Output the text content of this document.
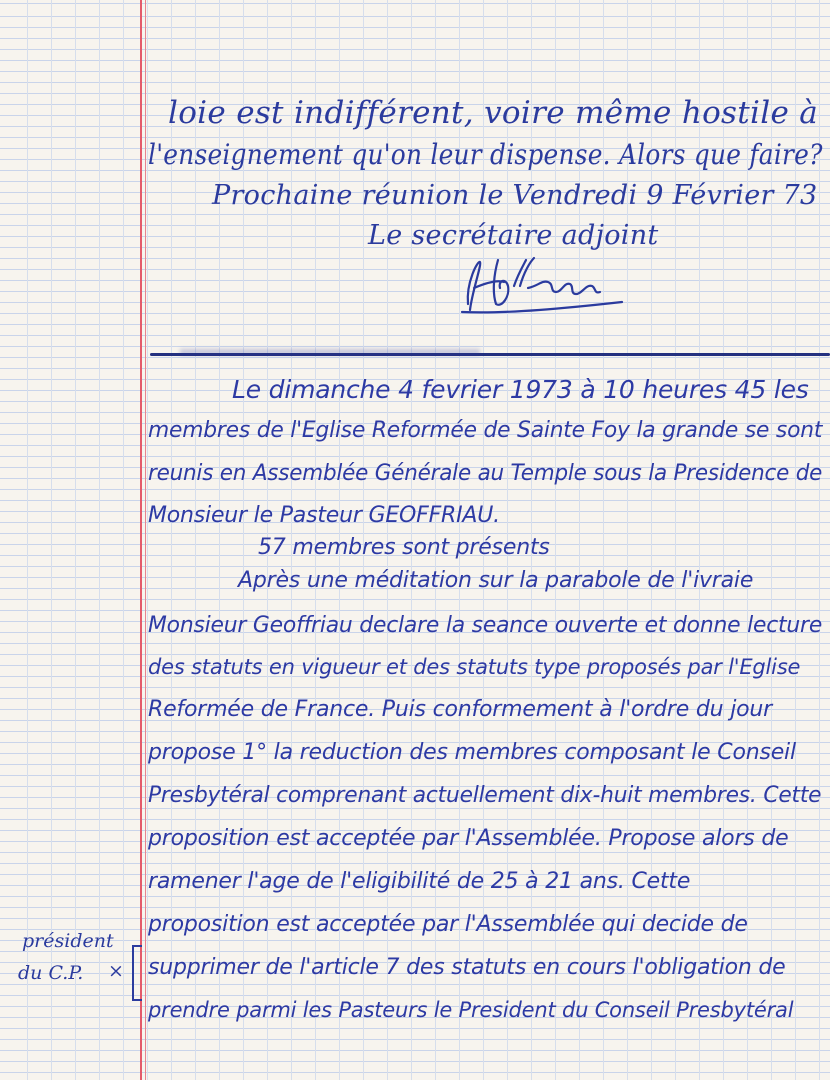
loie est indifférent, voire même hostile à
l'enseignement qu'on leur dispense. Alors que faire?
Prochaine réunion le Vendredi 9 Février 73
Le secrétaire adjoint
Le dimanche 4 fevrier 1973 à 10 heures 45 les
membres de l'Eglise Reformée de Sainte Foy la grande se sont
reunis en Assemblée Générale au Temple sous la Presidence de
Monsieur le Pasteur GEOFFRIAU.
57 membres sont présents
Après une méditation sur la parabole de l'ivraie
Monsieur Geoffriau declare la seance ouverte et donne lecture
des statuts en vigueur et des statuts type proposés par l'Eglise
Reformée de France. Puis conformement à l'ordre du jour
propose 1° la reduction des membres composant le Conseil
Presbytéral comprenant actuellement dix-huit membres. Cette
proposition est acceptée par l'Assemblée. Propose alors de
ramener l'age de l'eligibilité de 25 à 21 ans. Cette
proposition est acceptée par l'Assemblée qui decide de
supprimer de l'article 7 des statuts en cours l'obligation de
prendre parmi les Pasteurs le President du Conseil Presbytéral
président
du C.P. ×
